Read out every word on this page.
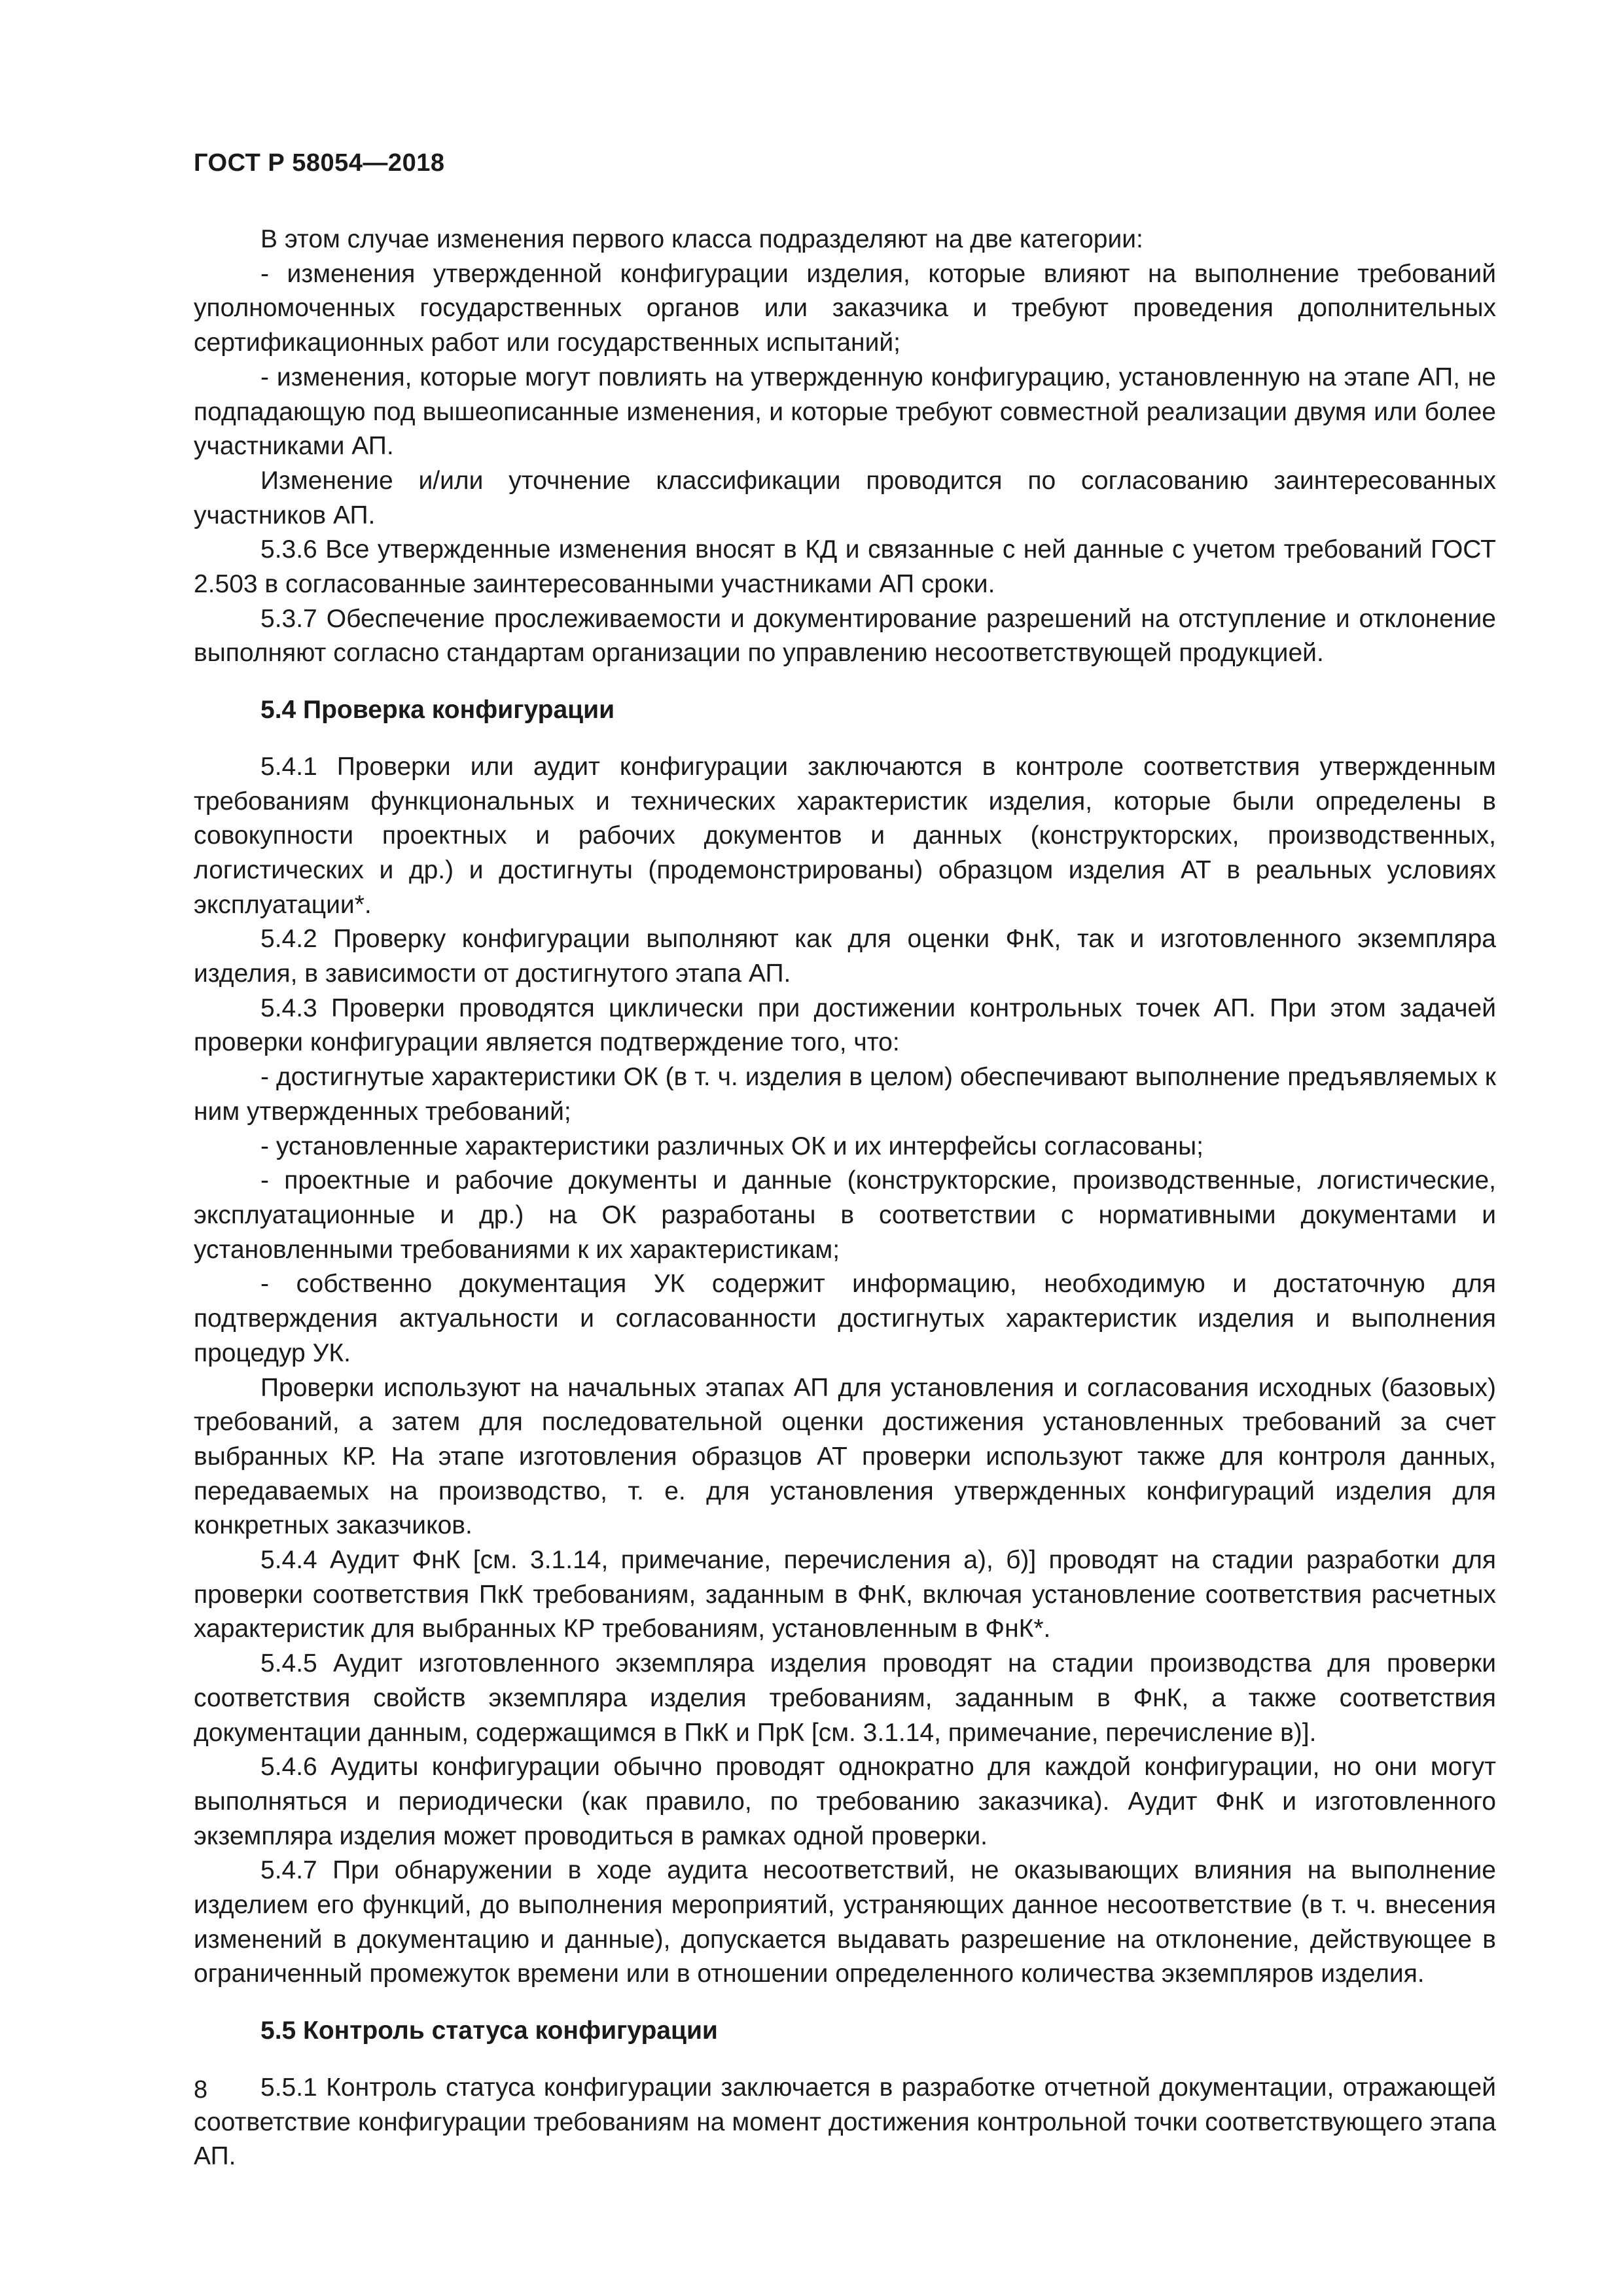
ГОСТ Р 58054—2018

В этом случае изменения первого класса подразделяют на две категории:

- изменения утвержденной конфигурации изделия, которые влияют на выполнение требований уполномоченных государственных органов или заказчика и требуют проведения дополнительных сертификационных работ или государственных испытаний;

- изменения, которые могут повлиять на утвержденную конфигурацию, установленную на этапе АП, не подпадающую под вышеописанные изменения, и которые требуют совместной реализации двумя или более участниками АП.

Изменение и/или уточнение классификации проводится по согласованию заинтересованных участников АП.

5.3.6 Все утвержденные изменения вносят в КД и связанные с ней данные с учетом требований ГОСТ 2.503 в согласованные заинтересованными участниками АП сроки.

5.3.7 Обеспечение прослеживаемости и документирование разрешений на отступление и отклонение выполняют согласно стандартам организации по управлению несоответствующей продукцией.

5.4 Проверка конфигурации

5.4.1 Проверки или аудит конфигурации заключаются в контроле соответствия утвержденным требованиям функциональных и технических характеристик изделия, которые были определены в совокупности проектных и рабочих документов и данных (конструкторских, производственных, логистических и др.) и достигнуты (продемонстрированы) образцом изделия АТ в реальных условиях эксплуатации*.

5.4.2 Проверку конфигурации выполняют как для оценки ФнК, так и изготовленного экземпляра изделия, в зависимости от достигнутого этапа АП.

5.4.3 Проверки проводятся циклически при достижении контрольных точек АП. При этом задачей проверки конфигурации является подтверждение того, что:

- достигнутые характеристики ОК (в т. ч. изделия в целом) обеспечивают выполнение предъявляемых к ним утвержденных требований;

- установленные характеристики различных ОК и их интерфейсы согласованы;

- проектные и рабочие документы и данные (конструкторские, производственные, логистические, эксплуатационные и др.) на ОК разработаны в соответствии с нормативными документами и установленными требованиями к их характеристикам;

- собственно документация УК содержит информацию, необходимую и достаточную для подтверждения актуальности и согласованности достигнутых характеристик изделия и выполнения процедур УК.

Проверки используют на начальных этапах АП для установления и согласования исходных (базовых) требований, а затем для последовательной оценки достижения установленных требований за счет выбранных КР. На этапе изготовления образцов АТ проверки используют также для контроля данных, передаваемых на производство, т. е. для установления утвержденных конфигураций изделия для конкретных заказчиков.

5.4.4 Аудит ФнК [см. 3.1.14, примечание, перечисления а), б)] проводят на стадии разработки для проверки соответствия ПкК требованиям, заданным в ФнК, включая установление соответствия расчетных характеристик для выбранных КР требованиям, установленным в ФнК*.

5.4.5 Аудит изготовленного экземпляра изделия проводят на стадии производства для проверки соответствия свойств экземпляра изделия требованиям, заданным в ФнК, а также соответствия документации данным, содержащимся в ПкК и ПрК [см. 3.1.14, примечание, перечисление в)].

5.4.6 Аудиты конфигурации обычно проводят однократно для каждой конфигурации, но они могут выполняться и периодически (как правило, по требованию заказчика). Аудит ФнК и изготовленного экземпляра изделия может проводиться в рамках одной проверки.

5.4.7 При обнаружении в ходе аудита несоответствий, не оказывающих влияния на выполнение изделием его функций, до выполнения мероприятий, устраняющих данное несоответствие (в т. ч. внесения изменений в документацию и данные), допускается выдавать разрешение на отклонение, действующее в ограниченный промежуток времени или в отношении определенного количества экземпляров изделия.

5.5 Контроль статуса конфигурации

5.5.1 Контроль статуса конфигурации заключается в разработке отчетной документации, отражающей соответствие конфигурации требованиям на момент достижения контрольной точки соответствующего этапа АП.

8
